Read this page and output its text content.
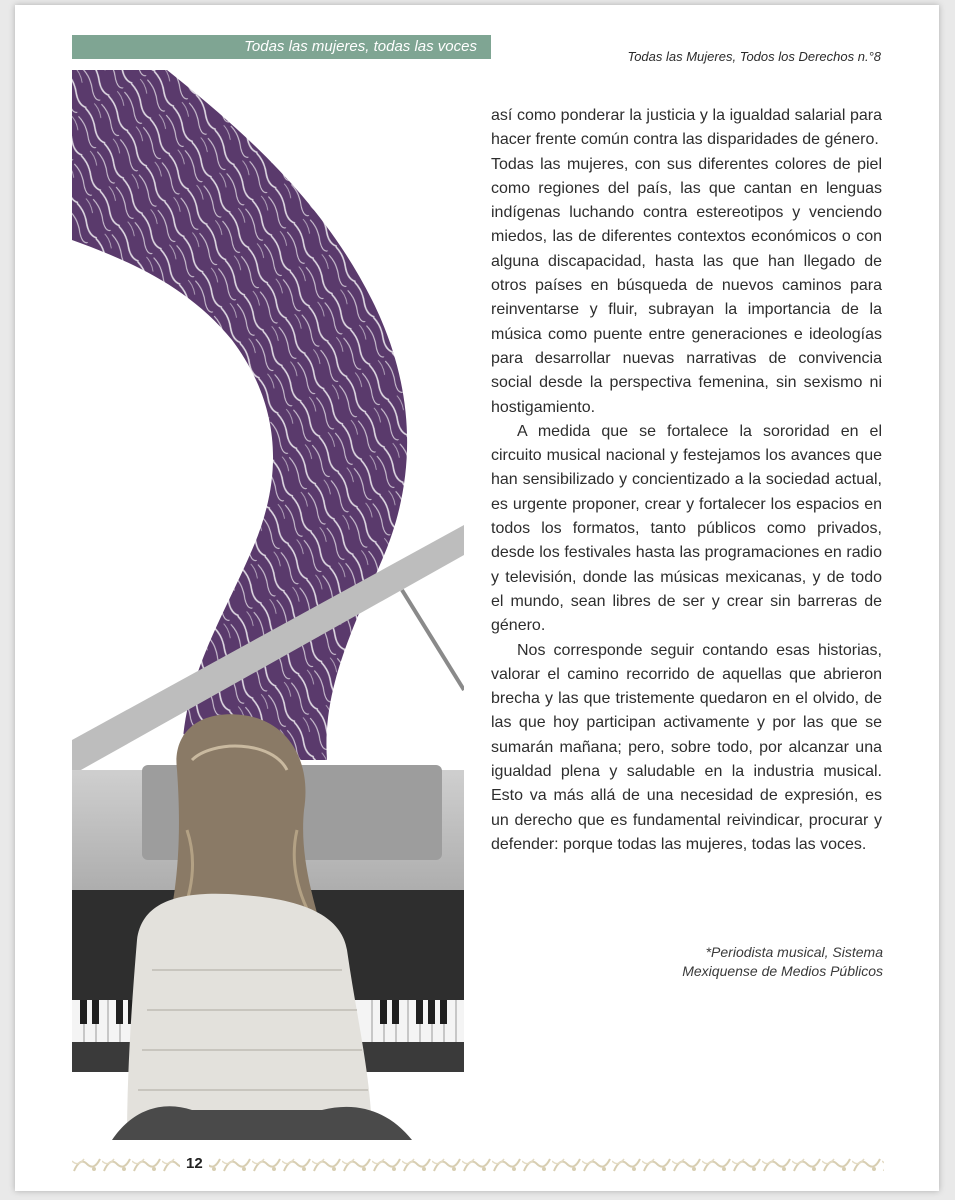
Todas las mujeres, todas las voces
Todas las Mujeres, Todos los Derechos n.°8

así como ponderar la justicia y la igualdad salarial para hacer frente común contra las disparidades de género.

Todas las mujeres, con sus diferentes colores de piel como regiones del país, las que cantan en lenguas indígenas luchando contra estereotipos y venciendo miedos, las de diferentes contextos económicos o con alguna discapacidad, hasta las que han llegado de otros países en búsqueda de nuevos caminos para reinventarse y fluir, subrayan la importancia de la música como puente entre generaciones e ideologías para desarrollar nuevas narrativas de convivencia social desde la perspectiva femenina, sin sexismo ni hostigamiento.

A medida que se fortalece la sororidad en el circuito musical nacional y festejamos los avances que han sensibilizado y concientizado a la sociedad actual, es urgente proponer, crear y fortalecer los espacios en todos los formatos, tanto públicos como privados, desde los festivales hasta las programaciones en radio y televisión, donde las músicas mexicanas, y de todo el mundo, sean libres de ser y crear sin barreras de género.

Nos corresponde seguir contando esas historias, valorar el camino recorrido de aquellas que abrieron brecha y las que tristemente quedaron en el olvido, de las que hoy participan activamente y por las que se sumarán mañana; pero, sobre todo, por alcanzar una igualdad plena y saludable en la industria musical. Esto va más allá de una necesidad de expresión, es un derecho que es fundamental reivindicar, procurar y defender: porque todas las mujeres, todas las voces.

*Periodista musical, Sistema
Mexiquense de Medios Públicos
12
